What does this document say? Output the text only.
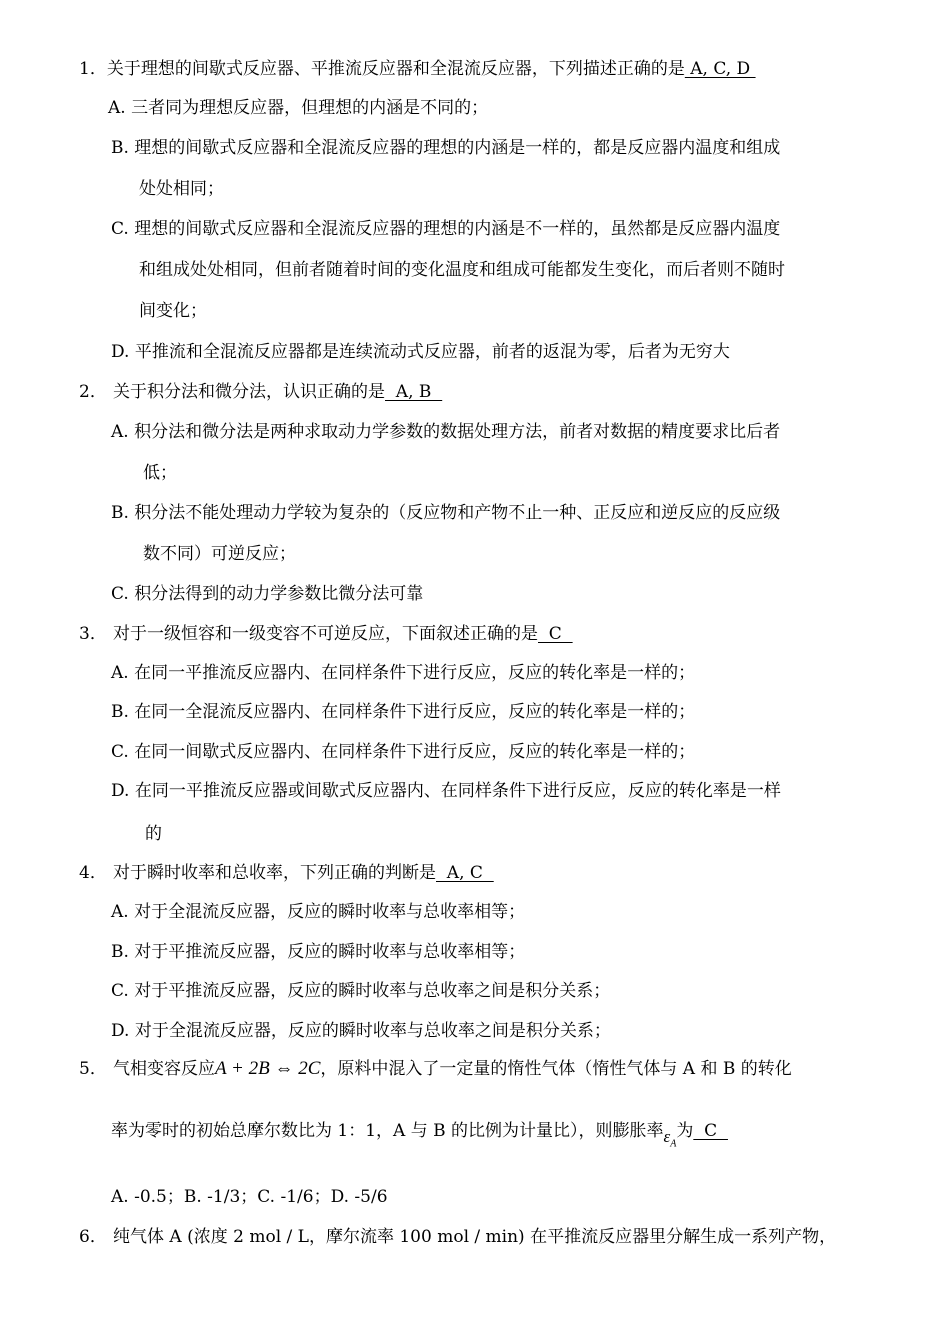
1．关于理想的间歇式反应器、平推流反应器和全混流反应器，下列描述正确的是 A, C, D
A. 三者同为理想反应器，但理想的内涵是不同的；
B. 理想的间歇式反应器和全混流反应器的理想的内涵是一样的，都是反应器内温度和组成
处处相同；
C. 理想的间歇式反应器和全混流反应器的理想的内涵是不一样的，虽然都是反应器内温度
和组成处处相同，但前者随着时间的变化温度和组成可能都发生变化，而后者则不随时
间变化；
D. 平推流和全混流反应器都是连续流动式反应器，前者的返混为零，后者为无穷大
2． 关于积分法和微分法，认识正确的是  A, B
A. 积分法和微分法是两种求取动力学参数的数据处理方法，前者对数据的精度要求比后者
低；
B. 积分法不能处理动力学较为复杂的（反应物和产物不止一种、正反应和逆反应的反应级
数不同）可逆反应；
C. 积分法得到的动力学参数比微分法可靠
3． 对于一级恒容和一级变容不可逆反应，下面叙述正确的是  C
A. 在同一平推流反应器内、在同样条件下进行反应，反应的转化率是一样的；
B. 在同一全混流反应器内、在同样条件下进行反应，反应的转化率是一样的；
C. 在同一间歇式反应器内、在同样条件下进行反应，反应的转化率是一样的；
D. 在同一平推流反应器或间歇式反应器内、在同样条件下进行反应，反应的转化率是一样
的
4． 对于瞬时收率和总收率，下列正确的判断是  A, C
A. 对于全混流反应器，反应的瞬时收率与总收率相等；
B. 对于平推流反应器，反应的瞬时收率与总收率相等；
C. 对于平推流反应器，反应的瞬时收率与总收率之间是积分关系；
D. 对于全混流反应器，反应的瞬时收率与总收率之间是积分关系；
5． 气相变容反应A + 2B ⇔ 2C，原料中混入了一定量的惰性气体（惰性气体与 A 和 B 的转化
率为零时的初始总摩尔数比为 1：1，A 与 B 的比例为计量比），则膨胀率$\varepsilon_A$为  C
A. -0.5；B. -1/3；C. -1/6；D. -5/6
6． 纯气体 A (浓度 2 mol / L，摩尔流率 100 mol / min) 在平推流反应器里分解生成一系列产物，
